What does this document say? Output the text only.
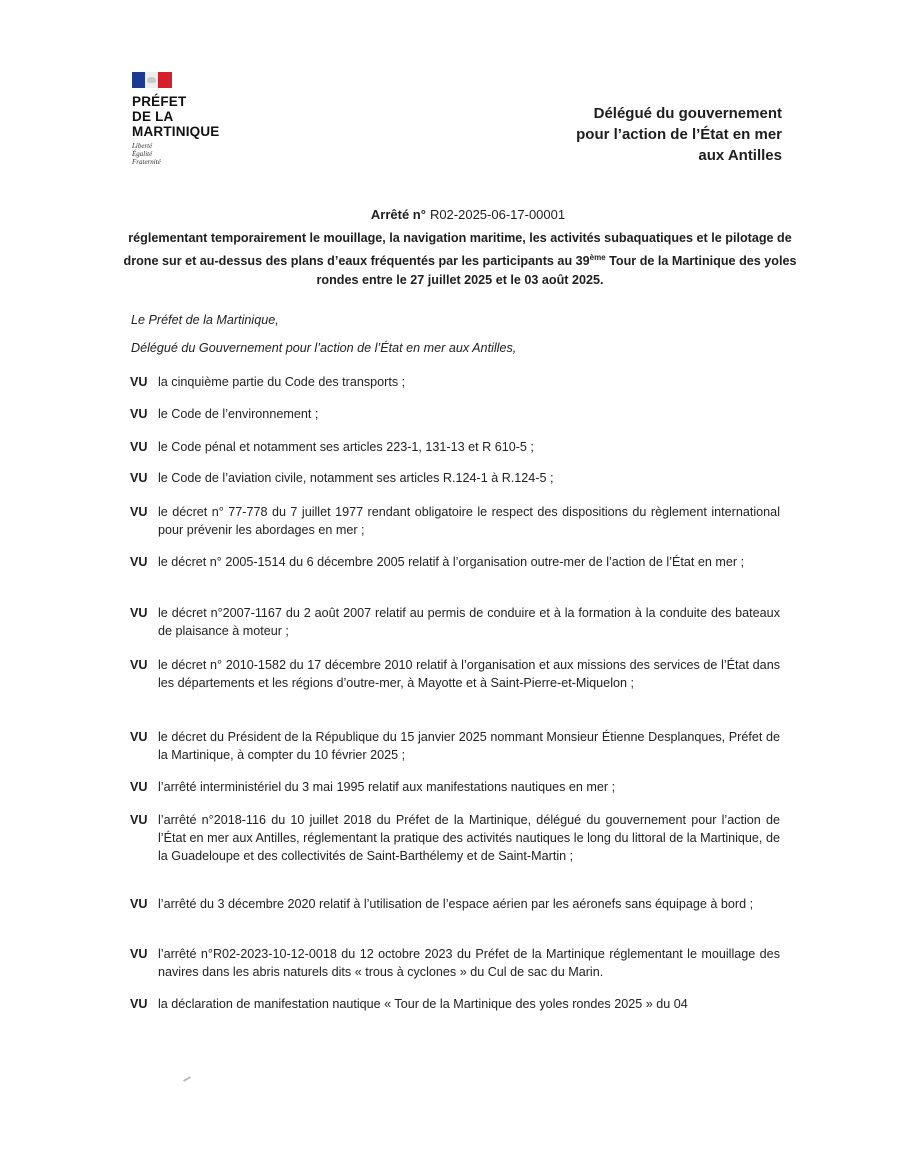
PRÉFET
DE LA
MARTINIQUE
Liberté
Égalité
Fraternité
Délégué du gouvernement
pour l’action de l’État en mer
aux Antilles
Arrêté n° R02-2025-06-17-00001
réglementant temporairement le mouillage, la navigation maritime, les activités subaquatiques et le pilotage de drone sur et au-dessus des plans d’eaux fréquentés par les participants au 39ème Tour de la Martinique des yoles rondes entre le 27 juillet 2025 et le 03 août 2025.
Le Préfet de la Martinique,
Délégué du Gouvernement pour l’action de l’État en mer aux Antilles,
VU la cinquième partie du Code des transports ;
VU le Code de l’environnement ;
VU le Code pénal et notamment ses articles 223-1, 131-13 et R 610-5 ;
VU le Code de l’aviation civile, notamment ses articles R.124-1 à R.124-5 ;
VU le décret n° 77-778 du 7 juillet 1977 rendant obligatoire le respect des dispositions du règlement international pour prévenir les abordages en mer ;
VU le décret n° 2005-1514 du 6 décembre 2005 relatif à l’organisation outre-mer de l’action de l’État en mer ;
VU le décret n°2007-1167 du 2 août 2007 relatif au permis de conduire et à la formation à la conduite des bateaux de plaisance à moteur ;
VU le décret n° 2010-1582 du 17 décembre 2010 relatif à l’organisation et aux missions des services de l’État dans les départements et les régions d’outre-mer, à Mayotte et à Saint-Pierre-et-Miquelon ;
VU le décret du Président de la République du 15 janvier 2025 nommant Monsieur Étienne Desplanques, Préfet de la Martinique, à compter du 10 février 2025 ;
VU l’arrêté interministériel du 3 mai 1995 relatif aux manifestations nautiques en mer ;
VU l’arrêté n°2018-116 du 10 juillet 2018 du Préfet de la Martinique, délégué du gouvernement pour l’action de l’État en mer aux Antilles, réglementant la pratique des activités nautiques le long du littoral de la Martinique, de la Guadeloupe et des collectivités de Saint-Barthélemy et de Saint-Martin ;
VU l’arrêté du 3 décembre 2020 relatif à l’utilisation de l’espace aérien par les aéronefs sans équipage à bord ;
VU l’arrêté n°R02-2023-10-12-0018 du 12 octobre 2023 du Préfet de la Martinique réglementant le mouillage des navires dans les abris naturels dits « trous à cyclones » du Cul de sac du Marin.
VU la déclaration de manifestation nautique « Tour de la Martinique des yoles rondes 2025 » du 04
